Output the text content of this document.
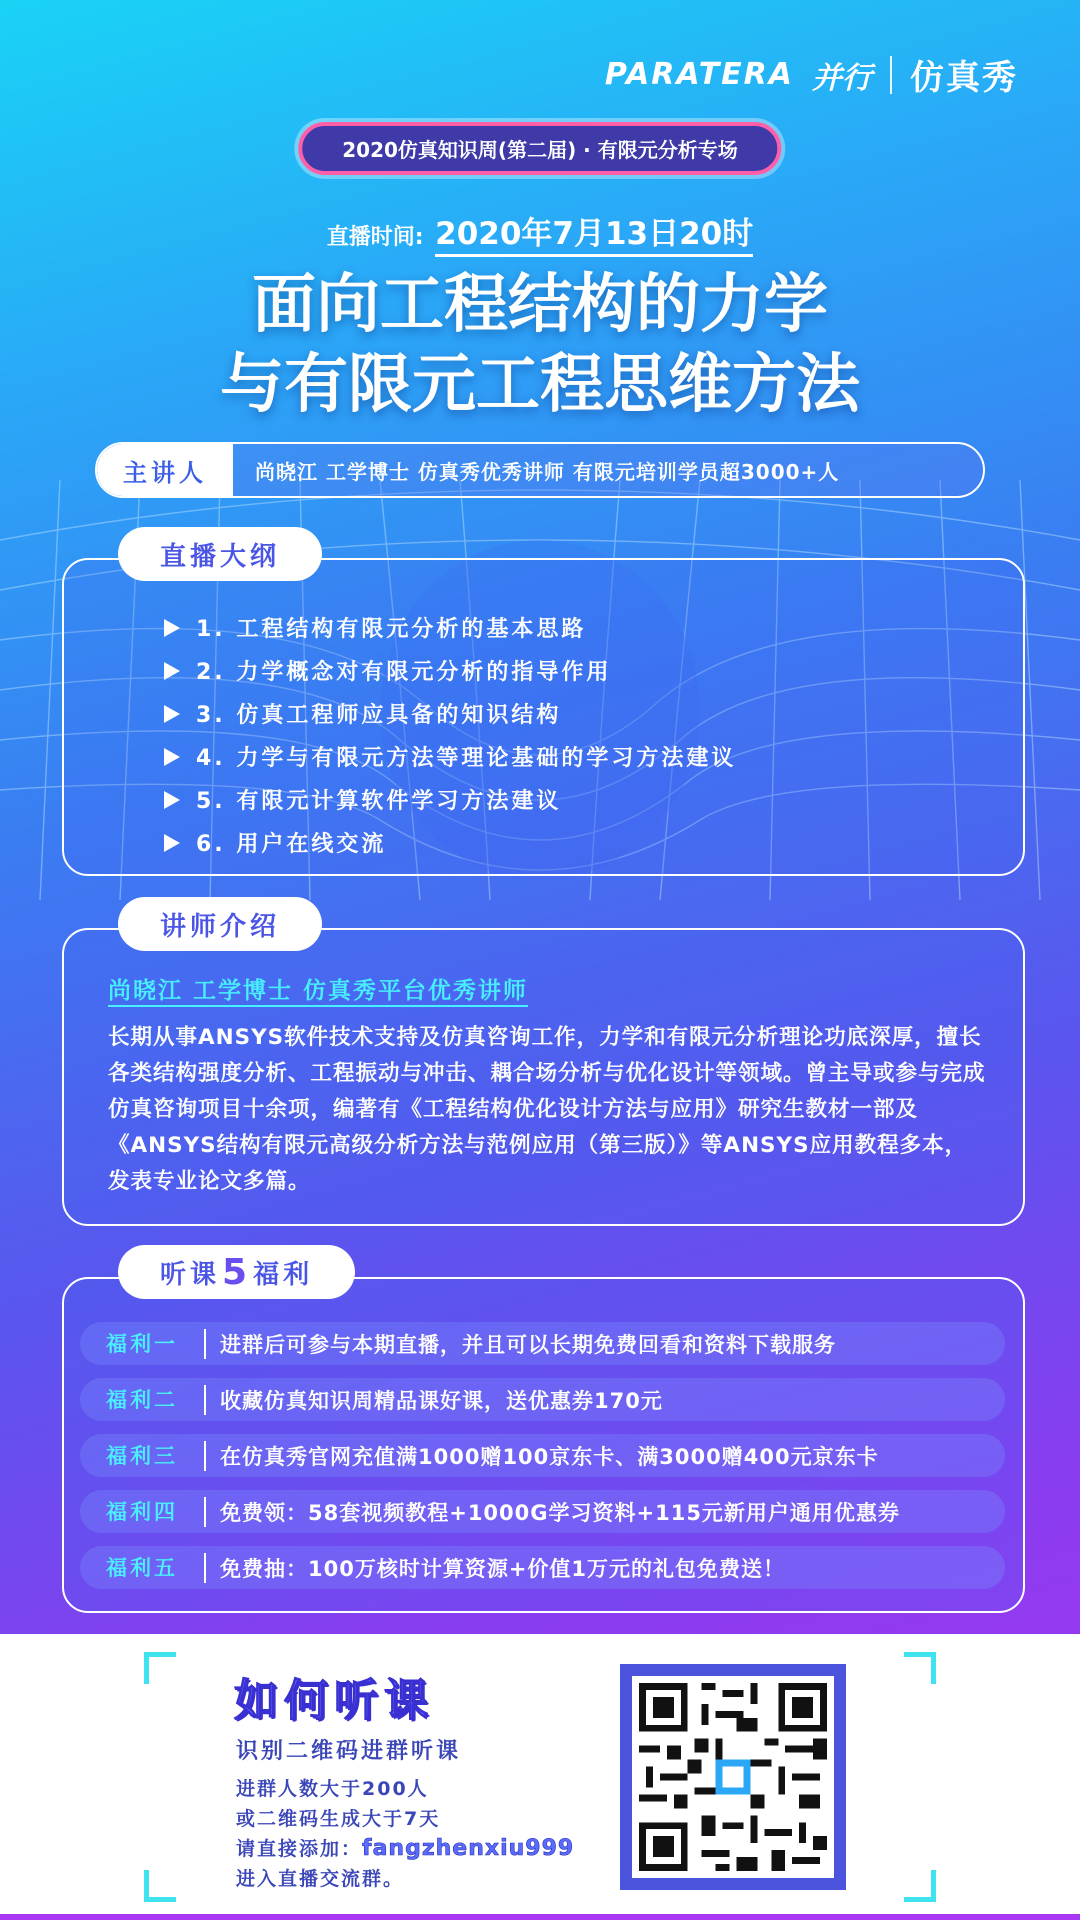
PARATERA 并行 仿真秀
2020仿真知识周(第二届) · 有限元分析专场
直播时间: 2020年7月13日20时
面向工程结构的力学
与有限元工程思维方法
主讲人	尚晓江 工学博士 仿真秀优秀讲师 有限元培训学员超3000+人
1. 工程结构有限元分析的基本思路
2. 力学概念对有限元分析的指导作用
3. 仿真工程师应具备的知识结构
4. 力学与有限元方法等理论基础的学习方法建议
5. 有限元计算软件学习方法建议
6. 用户在线交流
直播大纲
尚晓江 工学博士 仿真秀平台优秀讲师
长期从事ANSYS软件技术支持及仿真咨询工作，力学和有限元分析理论功底深厚，擅长各类结构强度分析、工程振动与冲击、耦合场分析与优化设计等领域。曾主导或参与完成仿真咨询项目十余项，编著有《工程结构优化设计方法与应用》研究生教材一部及《ANSYS结构有限元高级分析方法与范例应用（第三版）》等ANSYS应用教程多本，发表专业论文多篇。
讲师介绍
福利一	进群后可参与本期直播，并且可以长期免费回看和资料下载服务
福利二	收藏仿真知识周精品课好课，送优惠券170元
福利三	在仿真秀官网充值满1000赠100京东卡、满3000赠400元京东卡
福利四	免费领：58套视频教程+1000G学习资料+115元新用户通用优惠券
福利五	免费抽：100万核时计算资源+价值1万元的礼包免费送！
听课 5 福利
如何听课
识别二维码进群听课
进群人数大于200人
或二维码生成大于7天
请直接添加：fangzhenxiu999
进入直播交流群。
